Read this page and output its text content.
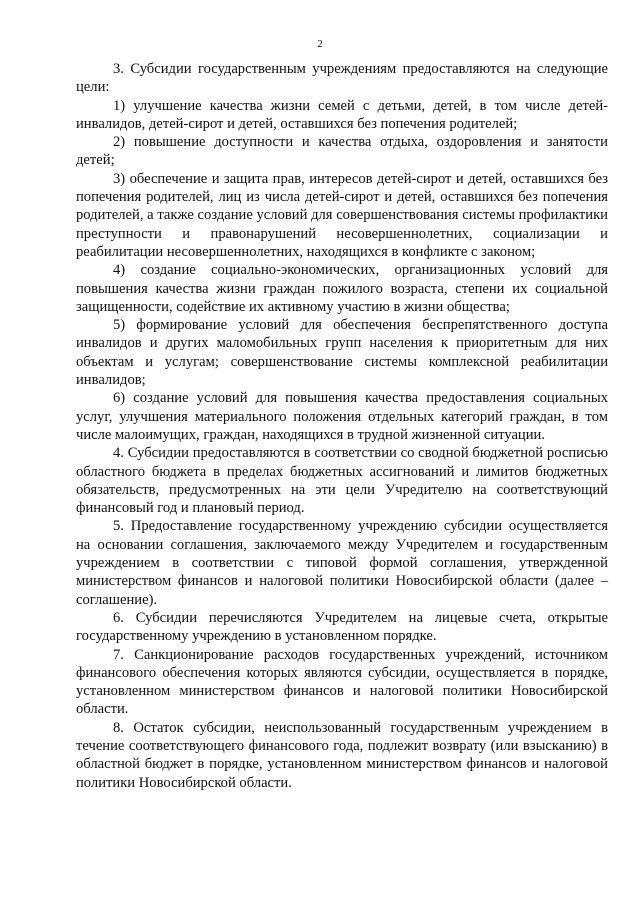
2

3. Субсидии государственным учреждениям предоставляются на следующие цели:

1) улучшение качества жизни семей с детьми, детей, в том числе детей-инвалидов, детей-сирот и детей, оставшихся без попечения родителей;

2) повышение доступности и качества отдыха, оздоровления и занятости детей;

3) обеспечение и защита прав, интересов детей-сирот и детей, оставшихся без попечения родителей, лиц из числа детей-сирот и детей, оставшихся без попечения родителей, а также создание условий для совершенствования системы профилактики преступности и правонарушений несовершеннолетних, социализации и реабилитации несовершеннолетних, находящихся в конфликте с законом;

4) создание социально-экономических, организационных условий для повышения качества жизни граждан пожилого возраста, степени их социальной защищенности, содействие их активному участию в жизни общества;

5) формирование условий для обеспечения беспрепятственного доступа инвалидов и других маломобильных групп населения к приоритетным для них объектам и услугам; совершенствование системы комплексной реабилитации инвалидов;

6) создание условий для повышения качества предоставления социальных услуг, улучшения материального положения отдельных категорий граждан, в том числе малоимущих, граждан, находящихся в трудной жизненной ситуации.

4. Субсидии предоставляются в соответствии со сводной бюджетной росписью областного бюджета в пределах бюджетных ассигнований и лимитов бюджетных обязательств, предусмотренных на эти цели Учредителю на соответствующий финансовый год и плановый период.

5. Предоставление государственному учреждению субсидии осуществляется на основании соглашения, заключаемого между Учредителем и государственным учреждением в соответствии с типовой формой соглашения, утвержденной министерством финансов и налоговой политики Новосибирской области (далее – соглашение).

6. Субсидии перечисляются Учредителем на лицевые счета, открытые государственному учреждению в установленном порядке.

7. Санкционирование расходов государственных учреждений, источником финансового обеспечения которых являются субсидии, осуществляется в порядке, установленном министерством финансов и налоговой политики Новосибирской области.

8. Остаток субсидии, неиспользованный государственным учреждением в течение соответствующего финансового года, подлежит возврату (или взысканию) в областной бюджет в порядке, установленном министерством финансов и налоговой политики Новосибирской области.
